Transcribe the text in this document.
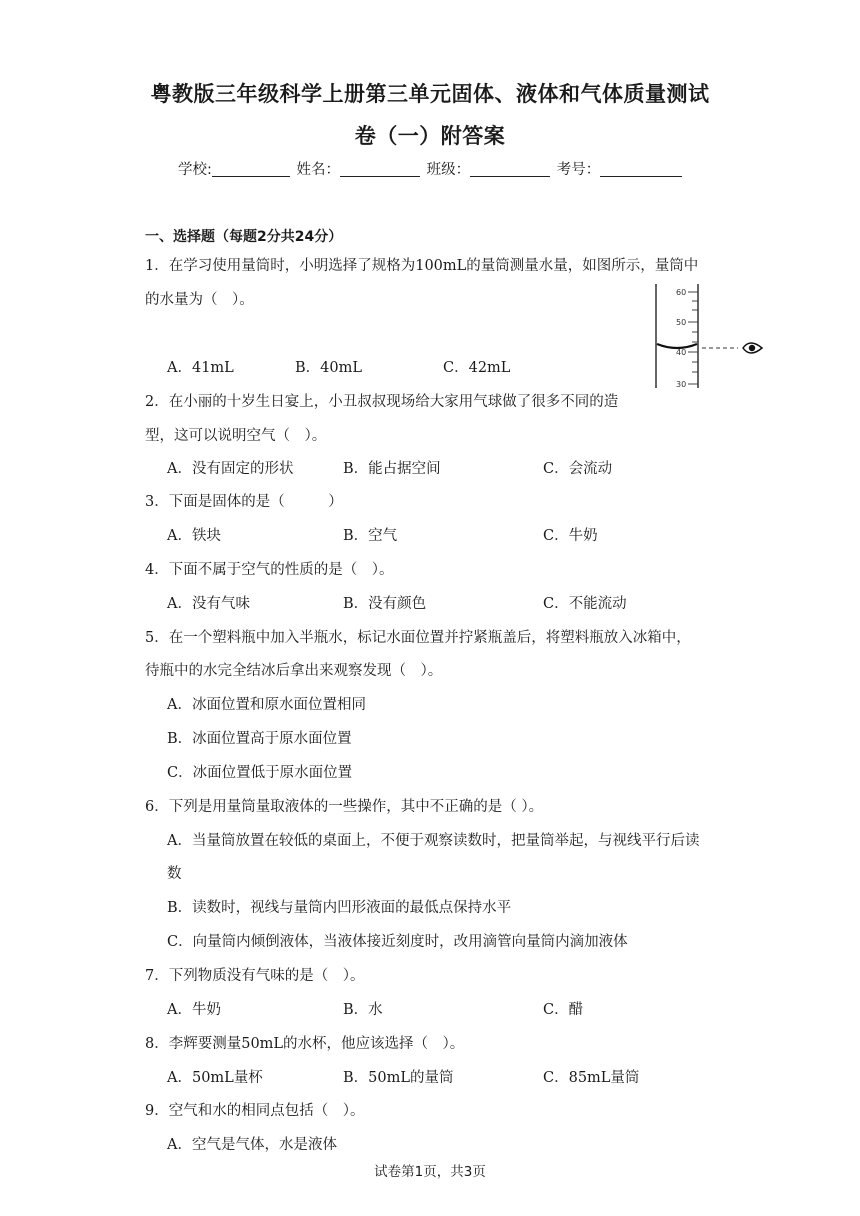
粤教版三年级科学上册第三单元固体、液体和气体质量测试
卷（一）附答案
学校:	姓名：	班级：	考号：
一、选择题（每题2分共24分）
1．在学习使用量筒时，小明选择了规格为100mL的量筒测量水量，如图所示，量筒中
的水量为（　）。
A．41mL	B．40mL	C．42mL
60
50
40
30
2．在小丽的十岁生日宴上，小丑叔叔现场给大家用气球做了很多不同的造
型，这可以说明空气（　）。
A．没有固定的形状	B．能占据空间	C．会流动
3．下面是固体的是（　　　）
A．铁块	B．空气	C．牛奶
4．下面不属于空气的性质的是（　）。
A．没有气味	B．没有颜色	C．不能流动
5．在一个塑料瓶中加入半瓶水，标记水面位置并拧紧瓶盖后，将塑料瓶放入冰箱中，
待瓶中的水完全结冰后拿出来观察发现（　）。
A．冰面位置和原水面位置相同
B．冰面位置高于原水面位置
C．冰面位置低于原水面位置
6．下列是用量筒量取液体的一些操作，其中不正确的是（ ）。
A．当量筒放置在较低的桌面上，不便于观察读数时，把量筒举起，与视线平行后读
数
B．读数时，视线与量筒内凹形液面的最低点保持水平
C．向量筒内倾倒液体，当液体接近刻度时，改用滴管向量筒内滴加液体
7．下列物质没有气味的是（　）。
A．牛奶	B．水	C．醋
8．李辉要测量50mL的水杯，他应该选择（　）。
A．50mL量杯	B．50mL的量筒	C．85mL量筒
9．空气和水的相同点包括（　）。
A．空气是气体，水是液体
试卷第1页，共3页
